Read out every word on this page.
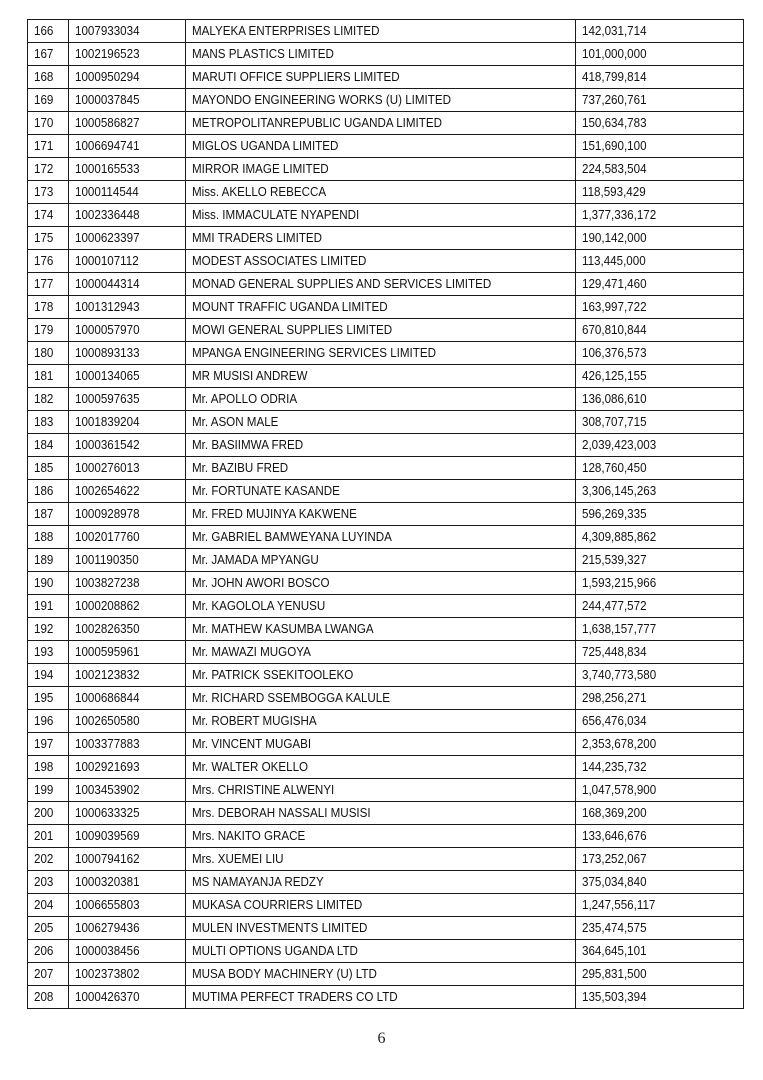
166	1007933034	MALYEKA ENTERPRISES LIMITED	142,031,714
167	1002196523	MANS PLASTICS LIMITED	101,000,000
168	1000950294	MARUTI OFFICE SUPPLIERS LIMITED	418,799,814
169	1000037845	MAYONDO ENGINEERING WORKS (U) LIMITED	737,260,761
170	1000586827	METROPOLITANREPUBLIC UGANDA LIMITED	150,634,783
171	1006694741	MIGLOS UGANDA LIMITED	151,690,100
172	1000165533	MIRROR IMAGE LIMITED	224,583,504
173	1000114544	Miss. AKELLO REBECCA	118,593,429
174	1002336448	Miss. IMMACULATE NYAPENDI	1,377,336,172
175	1000623397	MMI TRADERS LIMITED	190,142,000
176	1000107112	MODEST ASSOCIATES LIMITED	113,445,000
177	1000044314	MONAD GENERAL SUPPLIES AND SERVICES LIMITED	129,471,460
178	1001312943	MOUNT TRAFFIC UGANDA LIMITED	163,997,722
179	1000057970	MOWI GENERAL SUPPLIES LIMITED	670,810,844
180	1000893133	MPANGA ENGINEERING SERVICES LIMITED	106,376,573
181	1000134065	MR MUSISI ANDREW	426,125,155
182	1000597635	Mr. APOLLO ODRIA	136,086,610
183	1001839204	Mr. ASON MALE	308,707,715
184	1000361542	Mr. BASIIMWA FRED	2,039,423,003
185	1000276013	Mr. BAZIBU FRED	128,760,450
186	1002654622	Mr. FORTUNATE KASANDE	3,306,145,263
187	1000928978	Mr. FRED MUJINYA KAKWENE	596,269,335
188	1002017760	Mr. GABRIEL BAMWEYANA LUYINDA	4,309,885,862
189	1001190350	Mr. JAMADA MPYANGU	215,539,327
190	1003827238	Mr. JOHN AWORI BOSCO	1,593,215,966
191	1000208862	Mr. KAGOLOLA YENUSU	244,477,572
192	1002826350	Mr. MATHEW KASUMBA LWANGA	1,638,157,777
193	1000595961	Mr. MAWAZI MUGOYA	725,448,834
194	1002123832	Mr. PATRICK SSEKITOOLEKO	3,740,773,580
195	1000686844	Mr. RICHARD SSEMBOGGA KALULE	298,256,271
196	1002650580	Mr. ROBERT MUGISHA	656,476,034
197	1003377883	Mr. VINCENT MUGABI	2,353,678,200
198	1002921693	Mr. WALTER OKELLO	144,235,732
199	1003453902	Mrs. CHRISTINE ALWENYI	1,047,578,900
200	1000633325	Mrs. DEBORAH NASSALI MUSISI	168,369,200
201	1009039569	Mrs. NAKITO GRACE	133,646,676
202	1000794162	Mrs. XUEMEI LIU	173,252,067
203	1000320381	MS NAMAYANJA REDZY	375,034,840
204	1006655803	MUKASA COURRIERS LIMITED	1,247,556,117
205	1006279436	MULEN INVESTMENTS LIMITED	235,474,575
206	1000038456	MULTI OPTIONS UGANDA LTD	364,645,101
207	1002373802	MUSA BODY MACHINERY (U) LTD	295,831,500
208	1000426370	MUTIMA PERFECT TRADERS CO LTD	135,503,394
6
